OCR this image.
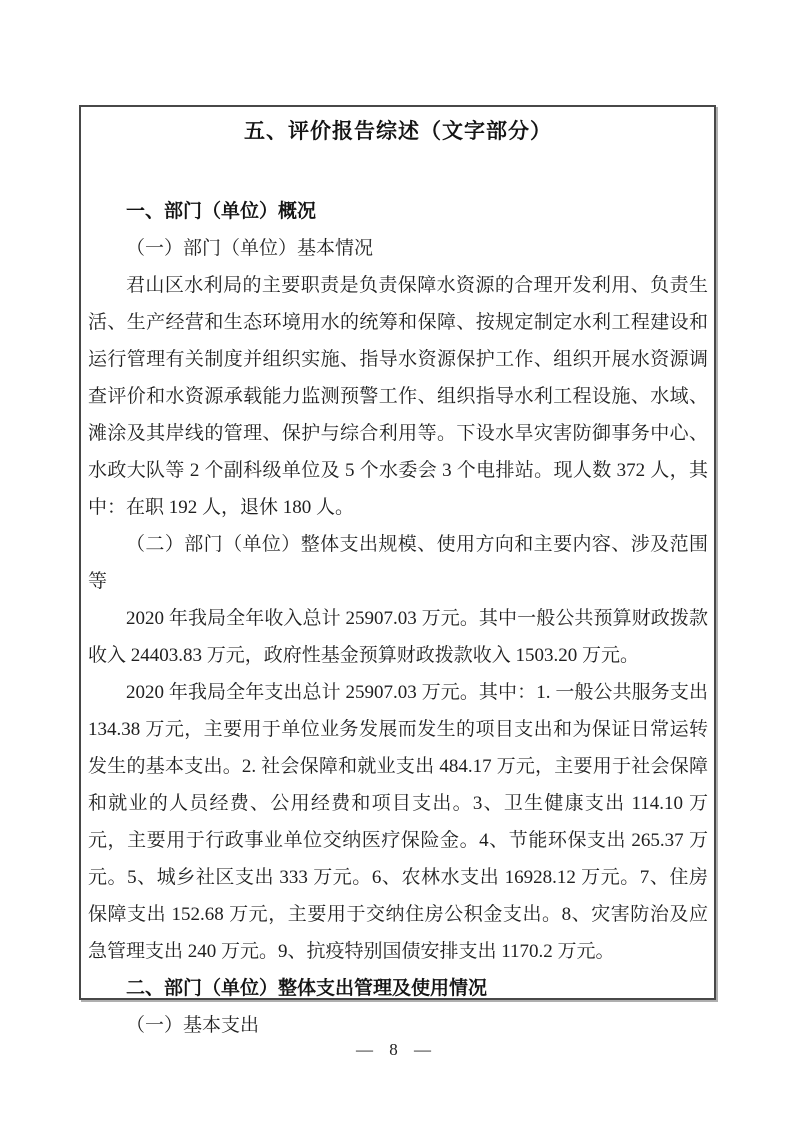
五、评价报告综述（文字部分）
一、部门（单位）概况
（一）部门（单位）基本情况
君山区水利局的主要职责是负责保障水资源的合理开发利用、负责生活、生产经营和生态环境用水的统筹和保障、按规定制定水利工程建设和运行管理有关制度并组织实施、指导水资源保护工作、组织开展水资源调查评价和水资源承载能力监测预警工作、组织指导水利工程设施、水域、滩涂及其岸线的管理、保护与综合利用等。下设水旱灾害防御事务中心、水政大队等 2 个副科级单位及 5 个水委会 3 个电排站。现人数 372 人，其中：在职 192 人，退休 180 人。
（二）部门（单位）整体支出规模、使用方向和主要内容、涉及范围等
2020 年我局全年收入总计 25907.03 万元。其中一般公共预算财政拨款收入 24403.83 万元，政府性基金预算财政拨款收入 1503.20 万元。
2020 年我局全年支出总计 25907.03 万元。其中：1. 一般公共服务支出 134.38 万元，主要用于单位业务发展而发生的项目支出和为保证日常运转发生的基本支出。2. 社会保障和就业支出 484.17 万元，主要用于社会保障和就业的人员经费、公用经费和项目支出。3、卫生健康支出 114.10 万元，主要用于行政事业单位交纳医疗保险金。4、节能环保支出 265.37 万元。5、城乡社区支出 333 万元。6、农林水支出 16928.12 万元。7、住房保障支出 152.68 万元，主要用于交纳住房公积金支出。8、灾害防治及应急管理支出 240 万元。9、抗疫特别国债安排支出 1170.2 万元。
二、部门（单位）整体支出管理及使用情况
（一）基本支出
— 8 —
